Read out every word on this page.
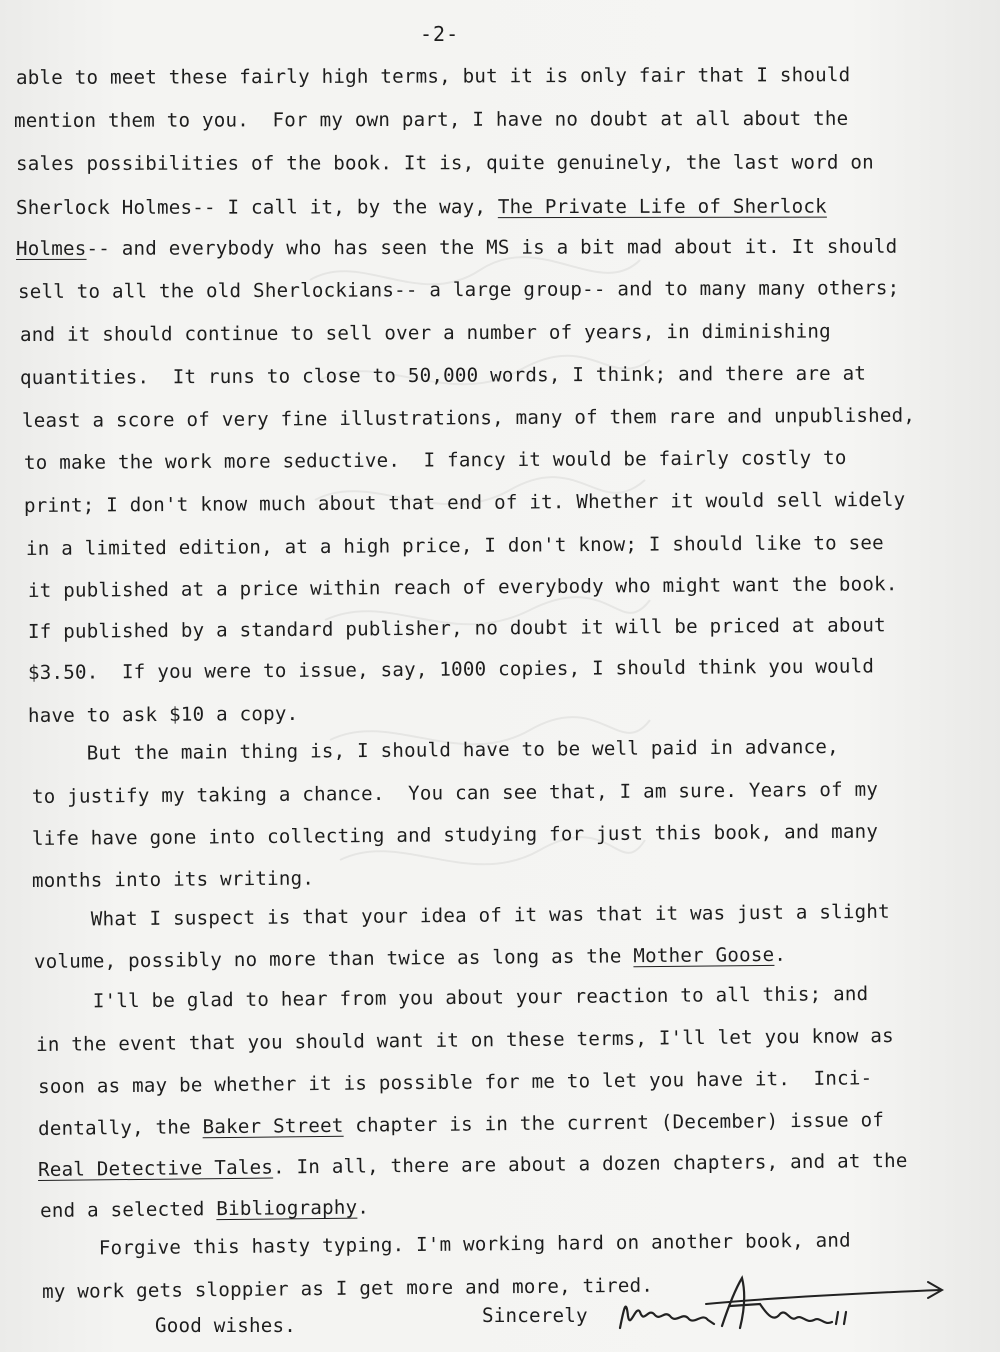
-2-
able to meet these fairly high terms, but it is only fair that I should
mention them to you.  For my own part, I have no doubt at all about the
sales possibilities of the book. It is, quite genuinely, the last word on
Sherlock Holmes-- I call it, by the way, The Private Life of Sherlock
Holmes-- and everybody who has seen the MS is a bit mad about it. It should
sell to all the old Sherlockians-- a large group-- and to many many others;
and it should continue to sell over a number of years, in diminishing
quantities.  It runs to close to 50,000 words, I think; and there are at
least a score of very fine illustrations, many of them rare and unpublished,
to make the work more seductive.  I fancy it would be fairly costly to
print; I don't know much about that end of it. Whether it would sell widely
in a limited edition, at a high price, I don't know; I should like to see
it published at a price within reach of everybody who might want the book.
If published by a standard publisher, no doubt it will be priced at about
$3.50.  If you were to issue, say, 1000 copies, I should think you would
have to ask $10 a copy.
But the main thing is, I should have to be well paid in advance,
to justify my taking a chance.  You can see that, I am sure. Years of my
life have gone into collecting and studying for just this book, and many
months into its writing.
What I suspect is that your idea of it was that it was just a slight
volume, possibly no more than twice as long as the Mother Goose.
I'll be glad to hear from you about your reaction to all this; and
in the event that you should want it on these terms, I'll let you know as
soon as may be whether it is possible for me to let you have it.  Inci-
dentally, the Baker Street chapter is in the current (December) issue of
Real Detective Tales. In all, there are about a dozen chapters, and at the
end a selected Bibliography.
Forgive this hasty typing. I'm working hard on another book, and
my work gets sloppier as I get more and more, tired.
Good wishes.	Sincerely
